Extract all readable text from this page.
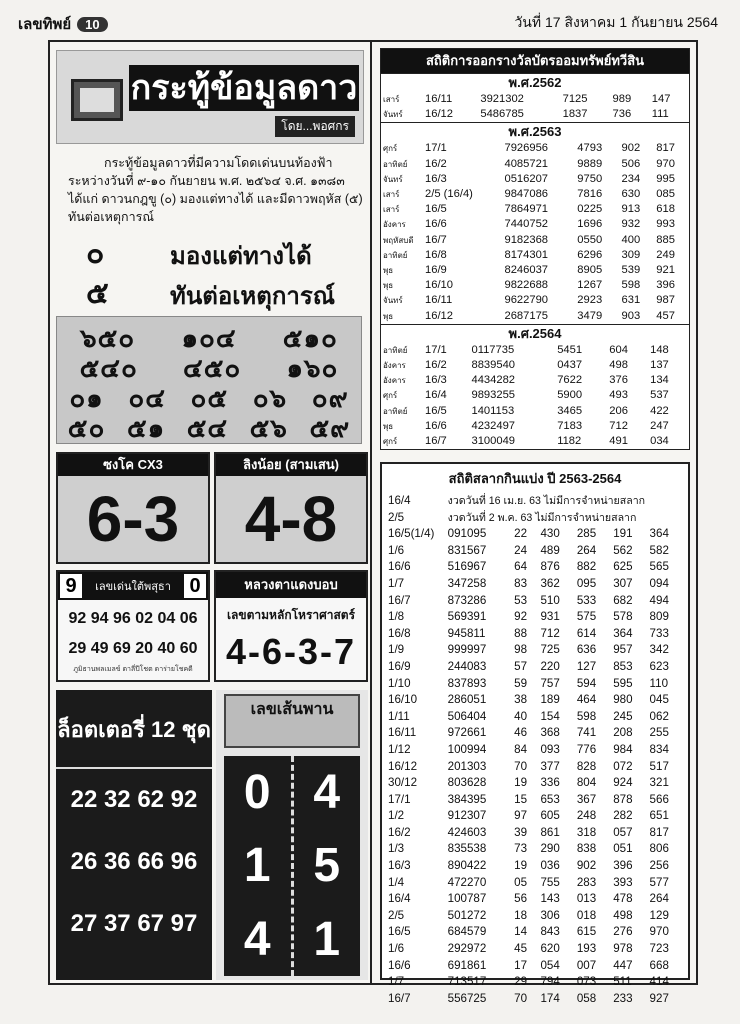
เลขทิพย์ 10	วันที่ 17 สิงหาคม 1 กันยายน 2564
กระทู้ข้อมูลดาว
โดย...พอศกร
กระทู้ข้อมูลดาวที่มีความโดดเด่นบนท้องฟ้าระหว่างวันที่ ๙-๑๐ กันยายน พ.ศ. ๒๕๖๔ จ.ศ. ๑๓๘๓ ได้แก่ ดาวนกฎขู (๐) มองแต่ทางได้ และมีดาวพฤหัส (๕) ทันต่อเหตุการณ์
๐	มองแต่ทางได้
๕	ทันต่อเหตุการณ์
๖๕๐ ๑๐๔ ๕๑๐
๕๔๐ ๔๕๐ ๑๖๐
๐๑ ๐๔ ๐๕ ๐๖ ๐๙
๕๐ ๕๑ ๕๔ ๕๖ ๕๙
ซงโค CX3
6-3
ลิงน้อย (สามเสน)
4-8
9	เลขเด่นใต้พสุธา 0
92 94 96 02 04 06
29 49 69 20 40 60
ภูมิธานพลเมลข์ ตาลี่ปีโชต ดาร่ายโชคดี
หลวงตาแดงบอบ
เลขตามหลักโหราศาสตร์
4-6-3-7
ล็อตเตอรี่ 12 ชุด
22 32 62 92
26 36 66 96
27 37 67 97
เลขเส้นพาน
0
1
4
4
5
1
สถิติการออกรางวัลบัตรออมทรัพย์ทวีสิน
พ.ศ.2562
เสาร์	16/11	3921302	7125	989	147
จันทร์	16/12	5486785	1837	736	111
พ.ศ.2563
ศุกร์	17/1	7926956	4793	902	817
อาทิตย์	16/2	4085721	9889	506	970
จันทร์	16/3	0516207	9750	234	995
เสาร์	2/5 (16/4)	9847086	7816	630	085
เสาร์	16/5	7864971	0225	913	618
อังคาร	16/6	7440752	1696	932	993
พฤหัสบดี	16/7	9182368	0550	400	885
อาทิตย์	16/8	8174301	6296	309	249
พุธ	16/9	8246037	8905	539	921
พุธ	16/10	9822688	1267	598	396
จันทร์	16/11	9622790	2923	631	987
พุธ	16/12	2687175	3479	903	457
พ.ศ.2564
อาทิตย์	17/1	0117735	5451	604	148
อังคาร	16/2	8839540	0437	498	137
อังคาร	16/3	4434282	7622	376	134
ศุกร์	16/4	9893255	5900	493	537
อาทิตย์	16/5	1401153	3465	206	422
พุธ	16/6	4232497	7183	712	247
ศุกร์	16/7	3100049	1182	491	034
สถิติสลากกินแบ่ง ปี 2563-2564
16/4	งวดวันที่ 16 เม.ย. 63 ไม่มีการจำหน่ายสลาก					
2/5	งวดวันที่ 2 พ.ค. 63 ไม่มีการจำหน่ายสลาก					
16/5(1/4)	091095	22	430	285	191	364
1/6	831567	24	489	264	562	582
16/6	516967	64	876	882	625	565
1/7	347258	83	362	095	307	094
16/7	873286	53	510	533	682	494
1/8	569391	92	931	575	578	809
16/8	945811	88	712	614	364	733
1/9	999997	98	725	636	957	342
16/9	244083	57	220	127	853	623
1/10	837893	59	757	594	595	110
16/10	286051	38	189	464	980	045
1/11	506404	40	154	598	245	062
16/11	972661	46	368	741	208	255
1/12	100994	84	093	776	984	834
16/12	201303	70	377	828	072	517
30/12	803628	19	336	804	924	321
17/1	384395	15	653	367	878	566
1/2	912307	97	605	248	282	651
16/2	424603	39	861	318	057	817
1/3	835538	73	290	838	051	806
16/3	890422	19	036	902	396	256
1/4	472270	05	755	283	393	577
16/4	100787	56	143	013	478	264
2/5	501272	18	306	018	498	129
16/5	684579	14	843	615	276	970
1/6	292972	45	620	193	978	723
16/6	691861	17	054	007	447	668
1/7	713517	29	794	073	511	414
16/7	556725	70	174	058	233	927
